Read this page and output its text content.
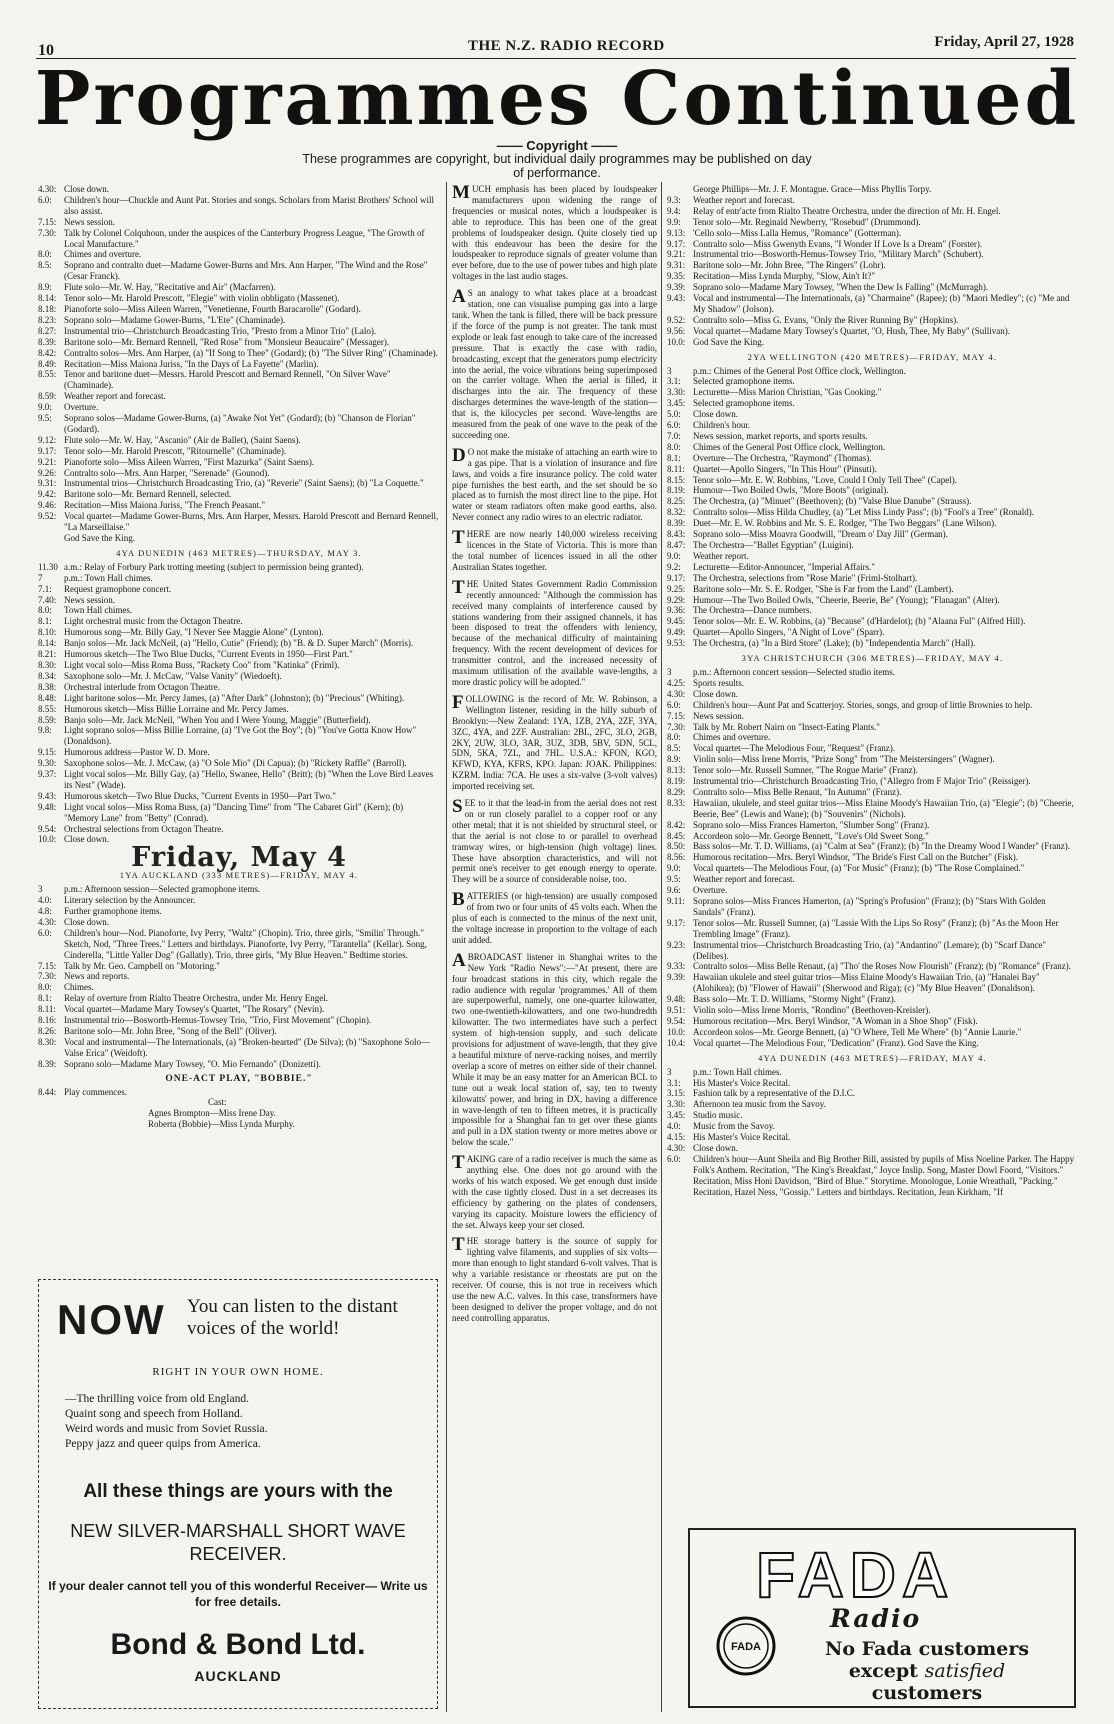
10	THE N.Z. RADIO RECORD	Friday, April 27, 1928
Programmes Continued
—— Copyright ——
These programmes are copyright, but individual daily programmes may be published on day of performance.
4.30: Close down.
6.0:	Children's hour—Chuckle and Aunt Pat. Stories and songs. Scholars from Marist Brothers' School will also assist.
7.15: News session.
7.30: Talk by Colonel Colquhoun, under the auspices of the Canterbury Progress League, "The Growth of Local Manufacture."
8.0:	Chimes and overture.
8.5:	Soprano and contralto duet—Madame Gower-Burns and Mrs. Ann Harper, "The Wind and the Rose" (Cesar Franck).
8.9:	Flute solo—Mr. W. Hay, "Recitative and Air" (Macfarren).
8.14: Tenor solo—Mr. Harold Prescott, "Elegie" with violin obbligato (Massenet).
8.18: Pianoforte solo—Miss Aileen Warren, "Venetienne, Fourth Baracarolle" (Godard).
8.23: Soprano solo—Madame Gower-Burns, "L'Ete" (Chaminade).
8.27: Instrumental trio—Christchurch Broadcasting Trio, "Presto from a Minor Trio" (Lalo).
8.39: Baritone solo—Mr. Bernard Rennell, "Red Rose" from "Monsieur Beaucaire" (Messager).
8.42: Contralto solos—Mrs. Ann Harper, (a) "If Song to Thee" (Godard); (b) "The Silver Ring" (Chaminade).
8.49: Recitation—Miss Maiona Juriss, "In the Days of La Fayette" (Marlin).
8.55: Tenor and baritone duet—Messrs. Harold Prescott and Bernard Rennell, "On Silver Wave" (Chaminade).
8.59: Weather report and forecast.
9.0:	Overture.
9.5:	Soprano solos—Madame Gower-Burns, (a) "Awake Not Yet" (Godard); (b) "Chanson de Florian" (Godard).
9.12: Flute solo—Mr. W. Hay, "Ascanio" (Air de Ballet), (Saint Saens).
9.17: Tenor solo—Mr. Harold Prescott, "Ritournelle" (Chaminade).
9.21: Pianoforte solo—Miss Aileen Warren, "First Mazurka" (Saint Saens).
9.26: Contralto solo—Mrs. Ann Harper, "Serenade" (Gounod).
9.31: Instrumental trios—Christchurch Broadcasting Trio, (a) "Reverie" (Saint Saens); (b) "La Coquette."
9.42: Baritone solo—Mr. Bernard Rennell, selected.
9.46: Recitation—Miss Maiona Juriss, "The French Peasant."
9.52: Vocal quartet—Madame Gower-Burns, Mrs. Ann Harper, Messrs. Harold Prescott and Bernard Rennell, "La Marseillaise."
God Save the King.
4YA DUNEDIN (463 METRES)—THURSDAY, MAY 3.
11.30 a.m.: Relay of Forbury Park trotting meeting (subject to permission being granted).
7	p.m.: Town Hall chimes.
7.1:	Request gramophone concert.
7.40: News session.
8.0:	Town Hall chimes.
8.1:	Light orchestral music from the Octagon Theatre.
8.10: Humorous song—Mr. Billy Gay, "I Never See Maggie Alone" (Lynton).
8.14: Banjo solos—Mr. Jack McNeil, (a) "Hello, Cutie" (Friend); (b) "B. & D. Super March" (Morris).
8.21: Humorous sketch—The Two Blue Ducks, "Current Events in 1950—First Part."
8.30: Light vocal solo—Miss Roma Buss, "Rackety Coo" from "Katinka" (Friml).
8.34: Saxophone solo—Mr. J. McCaw, "Valse Vanity" (Wiedoeft).
8.38: Orchestral interlude from Octagon Theatre.
8.48: Light baritone solos—Mr. Percy James, (a) "After Dark" (Johnston); (b) "Precious" (Whiting).
8.55: Humorous sketch—Miss Billie Lorraine and Mr. Percy James.
8.59: Banjo solo—Mr. Jack McNeil, "When You and I Were Young, Maggie" (Butterfield).
9.8:	Light soprano solos—Miss Billie Lorraine, (a) "I've Got the Boy"; (b) "You've Gotta Know How" (Donaldson).
9.15: Humorous address—Pastor W. D. More.
9.30: Saxophone solos—Mr. J. McCaw, (a) "O Sole Mio" (Di Capua); (b) "Rickety Raffle" (Barroll).
9.37: Light vocal solos—Mr. Billy Gay, (a) "Hello, Swanee, Hello" (Britt); (b) "When the Love Bird Leaves its Nest" (Wade).
9.43: Humorous sketch—Two Blue Ducks, "Current Events in 1950—Part Two."
9.48: Light vocal solos—Miss Roma Buss, (a) "Dancing Time" from "The Cabaret Girl" (Kern); (b) "Memory Lane" from "Betty" (Conrad).
9.54: Orchestral selections from Octagon Theatre.
10.0: Close down.
Friday, May 4
1YA AUCKLAND (333 METRES)—FRIDAY, MAY 4.
3	p.m.: Afternoon session—Selected gramophone items.
4.0:	Literary selection by the Announcer.
4.8:	Further gramophone items.
4.30: Close down.
6.0:	Children's hour—Nod. Pianoforte, Ivy Perry, "Waltz" (Chopin). Trio, three girls, "Smilin' Through." Sketch, Nod, "Three Trees." Letters and birthdays. Pianoforte, Ivy Perry, "Tarantella" (Kellar). Song, Cinderella, "Little Yaller Dog" (Gallatly). Trio, three girls, "My Blue Heaven." Bedtime stories.
7.15: Talk by Mr. Geo. Campbell on "Motoring."
7.30: News and reports.
8.0:	Chimes.
8.1:	Relay of overture from Rialto Theatre Orchestra, under Mr. Henry Engel.
8.11: Vocal quartet—Madame Mary Towsey's Quartet, "The Rosary" (Nevin).
8.16: Instrumental trio—Bosworth-Hemus-Towsey Trio, "Trio, First Movement" (Chopin).
8.26: Baritone solo—Mr. John Bree, "Song of the Bell" (Oliver).
8.30: Vocal and instrumental—The Internationals, (a) "Broken-hearted" (De Silva); (b) "Saxophone Solo—Valse Erica" (Weidoft).
8.39: Soprano solo—Madame Mary Towsey, "O. Mio Fernando" (Donizetti).
ONE-ACT PLAY, "BOBBIE."
8.44: Play commences.
Cast:
Agnes Brompton—Miss Irene Day.
Roberta (Bobbie)—Miss Lynda Murphy.
MUCH emphasis has been placed by loudspeaker manufacturers upon widening the range of frequencies or musical notes, which a loudspeaker is able to reproduce. This has been one of the great problems of loudspeaker design. Quite closely tied up with this endeavour has been the desire for the loudspeaker to reproduce signals of greater volume than ever before, due to the use of power tubes and high plate voltages in the last audio stages.
A S an analogy to what takes place at a broadcast station, one can visualise pumping gas into a large tank. When the tank is filled, there will be back pressure if the force of the pump is not greater. The tank must explode or leak fast enough to take care of the increased pressure. That is exactly the case with radio, broadcasting, except that the generators pump electricity into the aerial, the voice vibrations being superimposed on the carrier voltage. When the aerial is filled, it discharges into the air. The frequency of these discharges determines the wave-length of the station—that is, the kilocycles per second. Wave-lengths are measured from the peak of one wave to the peak of the succeeding one.
D O not make the mistake of attaching an earth wire to a gas pipe. That is a violation of insurance and fire laws, and voids a fire insurance policy. The cold water pipe furnishes the best earth, and the set should be so placed as to furnish the most direct line to the pipe. Hot water or steam radiators often make good earths, also. Never connect any radio wires to an electric radiator.
THERE are now nearly 140,000 wireless receiving licences in the State of Victoria. This is more than the total number of licences issued in all the other Australian States together.
THE United States Government Radio Commission recently announced: "Although the commission has received many complaints of interference caused by stations wandering from their assigned channels, it has been disposed to treat the offenders with leniency, because of the mechanical difficulty of maintaining frequency. With the recent development of devices for transmitter control, and the increased necessity of maximum utilisation of the available wave-lengths, a more drastic policy will be adopted."
FOLLOWING is the record of Mr. W. Robinson, a Wellington listener, residing in the hilly suburb of Brooklyn:—New Zealand: 1YA, 1ZB, 2YA, 2ZF, 3YA, 3ZC, 4YA, and 2ZF. Australian: 2BL, 2FC, 3LO, 2GB, 2KY, 2UW, 3LO, 3AR, 3UZ, 3DB, 5BV, 5DN, 5CL, 5DN, 5KA, 7ZL, and 7HL. U.S.A.: KFON, KGO, KFWD, KYA, KFRS, KPO. Japan: JOAK. Philippines: KZRM. India: 7CA. He uses a six-valve (3-volt valves) imported receiving set.
SEE to it that the lead-in from the aerial does not rest on or run closely parallel to a copper roof or any other metal; that it is not shielded by structural steel, or that the aerial is not close to or parallel to overhead tramway wires, or high-tension (high voltage) lines. These have absorption characteristics, and will not permit one's receiver to get enough energy to operate. They will be a source of considerable noise, too.
BATTERIES (or high-tension) are usually composed of from two or four units of 45 volts each. When the plus of each is connected to the minus of the next unit, the voltage increase in proportion to the voltage of each unit added.
A BROADCAST listener in Shanghai writes to the New York "Radio News":—"At present, there are four broadcast stations in this city, which regale the radio audience with regular 'programmes.' All of them are superpowerful, namely, one one-quarter kilowatter, two one-twentieth-kilowatters, and one two-hundredth kilowatter. The two intermediates have such a perfect system of high-tension supply, and such delicate provisions for adjustment of wave-length, that they give a beautiful mixture of nerve-racking noises, and merrily overlap a score of metres on either side of their channel. While it may be an easy matter for an American BCL to tune out a weak local station of, say, ten to twenty kilowatts' power, and bring in DX, having a difference in wave-length of ten to fifteen metres, it is practically impossible for a Shanghai fan to get over these giants and pull in a DX station twenty or more metres above or below the scale."
TAKING care of a radio receiver is much the same as anything else. One does not go around with the works of his watch exposed. We get enough dust inside with the case tightly closed. Dust in a set decreases its efficiency by gathering on the plates of condensers, varying its capacity. Moisture lowers the efficiency of the set. Always keep your set closed.
THE storage battery is the source of supply for lighting valve filaments, and supplies of six volts—more than enough to light standard 6-volt valves. That is why a variable resistance or rheostats are put on the receiver. Of course, this is not true in receivers which use the new A.C. valves. In this case, transformers have been designed to deliver the proper voltage, and do not need controlling apparatus.
George Phillips—Mr. J. F. Montague. Grace—Miss Phyllis Torpy.
9.3:	Weather report and forecast.
9.4:	Relay of entr'acte from Rialto Theatre Orchestra, under the direction of Mr. H. Engel.
9.9:	Tenor solo—Mr. Reginald Newberry, "Rosebud" (Drummond).
9.13: 'Cello solo—Miss Lalla Hemus, "Romance" (Gotterman).
9.17: Contralto solo—Miss Gwenyth Evans, "I Wonder If Love Is a Dream" (Forster).
9.21: Instrumental trio—Bosworth-Hemus-Towsey Trio, "Military March" (Schubert).
9.31: Baritone solo—Mr. John Bree, "The Ringers" (Lohr).
9.35: Recitation—Miss Lynda Murphy, "Slow, Ain't It?"
9.39: Soprano solo—Madame Mary Towsey, "When the Dew Is Falling" (McMurragh).
9.43: Vocal and instrumental—The Internationals, (a) "Charmaine" (Rapee); (b) "Maori Medley"; (c) "Me and My Shadow" (Jolson).
9.52: Contralto solo—Miss G. Evans, "Only the River Running By" (Hopkins).
9.56: Vocal quartet—Madame Mary Towsey's Quartet, "O, Hush, Thee, My Baby" (Sullivan).
10.0: God Save the King.
2YA WELLINGTON (420 METRES)—FRIDAY, MAY 4.
3	p.m.: Chimes of the General Post Office clock, Wellington.
3.1:	Selected gramophone items.
3.30: Lecturette—Miss Marion Christian, "Gas Cooking."
3.45: Selected gramophone items.
5.0:	Close down.
6.0:	Children's hour.
7.0:	News session, market reports, and sports results.
8.0:	Chimes of the General Post Office clock, Wellington.
8.1:	Overture—The Orchestra, "Raymond" (Thomas).
8.11: Quartet—Apollo Singers, "In This Hour" (Pinsuti).
8.15: Tenor solo—Mr. E. W. Robbins, "Love, Could I Only Tell Thee" (Capel).
8.19: Humour—Two Boiled Owls, "More Boots" (original).
8.25: The Orchestra, (a) "Minuet" (Beethoven); (b) "Valse Blue Danube" (Strauss).
8.32: Contralto solos—Miss Hilda Chudley, (a) "Let Miss Lindy Pass"; (b) "Fool's a Tree" (Ronald).
8.39: Duet—Mr. E. W. Robbins and Mr. S. E. Rodger, "The Two Beggars" (Lane Wilson).
8.43: Soprano solo—Miss Moavra Goodwill, "Dream o' Day Jill" (German).
8.47: The Orchestra—"Ballet Egyptian" (Luigini).
9.0:	Weather report.
9.2:	Lecturette—Editor-Announcer, "Imperial Affairs."
9.17: The Orchestra, selections from "Rose Marie" (Friml-Stolhart).
9.25: Baritone solo—Mr. S. E. Rodger, "She is Far from the Land" (Lambert).
9.29: Humour—The Two Boiled Owls, "Cheerie, Beerie, Be" (Young); "Flanagan" (Alter).
9.36: The Orchestra—Dance numbers.
9.45: Tenor solos—Mr. E. W. Robbins, (a) "Because" (d'Hardelot); (b) "Alaana Ful" (Alfred Hill).
9.49: Quartet—Apollo Singers, "A Night of Love" (Sparr).
9.53: The Orchestra, (a) "In a Bird Store" (Lake); (b) "Independentia March" (Hall).
3YA CHRISTCHURCH (306 METRES)—FRIDAY, MAY 4.
3	p.m.: Afternoon concert session—Selected studio items.
4.25: Sports results.
4.30: Close down.
6.0:	Children's hour—Aunt Pat and Scatterjoy. Stories, songs, and group of little Brownies to help.
7.15: News session.
7.30: Talk by Mr. Robert Nairn on "Insect-Eating Plants."
8.0:	Chimes and overture.
8.5:	Vocal quartet—The Melodious Four, "Request" (Franz).
8.9:	Violin solo—Miss Irene Morris, "Prize Song" from "The Meistersingers" (Wagner).
8.13: Tenor solo—Mr. Russell Sumner, "The Rogue Marie" (Franz).
8.19: Instrumental trio—Christchurch Broadcasting Trio, ("Allegro from F Major Trio" (Reissiger).
8.29: Contralto solo—Miss Belle Renaut, "In Autumn" (Franz).
8.33: Hawaiian, ukulele, and steel guitar trios—Miss Elaine Moody's Hawaiian Trio, (a) "Elegie"; (b) "Cheerie, Beerie, Bee" (Lewis and Wane); (b) "Souvenirs" (Nichols).
8.42: Soprano solo—Miss Frances Hamerton, "Slumber Song" (Franz).
8.45: Accordeon solo—Mr. George Bennett, "Love's Old Sweet Song."
8.50: Bass solos—Mr. T. D. Williams, (a) "Calm at Sea" (Franz); (b) "In the Dreamy Wood I Wander" (Franz).
8.56: Humorous recitation—Mrs. Beryl Windsor, "The Bride's First Call on the Butcher" (Fisk).
9.0:	Vocal quartets—The Melodious Four, (a) "For Music" (Franz); (b) "The Rose Complained."
9.5:	Weather report and forecast.
9.6:	Overture.
9.11: Soprano solos—Miss Frances Hamerton, (a) "Spring's Profusion" (Franz); (b) "Stars With Golden Sandals" (Franz).
9.17: Tenor solos—Mr. Russell Sumner, (a) "Lassie With the Lips So Rosy" (Franz); (b) "As the Moon Her Trembling Image" (Franz).
9.23: Instrumental trios—Christchurch Broadcasting Trio, (a) "Andantino" (Lemare); (b) "Scarf Dance" (Delibes).
9.33: Contralto solos—Miss Belle Renaut, (a) "Tho' the Roses Now Flourish" (Franz); (b) "Romance" (Franz).
9.39: Hawaiian ukulele and steel guitar trios—Miss Elaine Moody's Hawaiian Trio, (a) "Hanalei Bay" (Alohikea); (b) "Flower of Hawaii" (Sherwood and Riga); (c) "My Blue Heaven" (Donaldson).
9.48: Bass solo—Mr. T. D. Williams, "Stormy Night" (Franz).
9.51: Violin solo—Miss Irene Morris, "Rondino" (Beethoven-Kreisler).
9.54: Humorous recitation—Mrs. Beryl Windsor, "A Woman in a Shoe Shop" (Fisk).
10.0: Accordeon solos—Mr. George Bennett, (a) "O Where, Tell Me Where" (b) "Annie Laurie."
10.4: Vocal quartet—The Melodious Four, "Dedication" (Franz). God Save the King.
4YA DUNEDIN (463 METRES)—FRIDAY, MAY 4.
3	p.m.: Town Hall chimes.
3.1:	His Master's Voice Recital.
3.15: Fashion talk by a representative of the D.I.C.
3.30: Afternoon tea music from the Savoy.
3.45: Studio music.
4.0:	Music from the Savoy.
4.15: His Master's Voice Recital.
4.30: Close down.
6.0:	Children's hour—Aunt Sheila and Big Brother Bill, assisted by pupils of Miss Noeline Parker. The Happy Folk's Anthem. Recitation, "The King's Breakfast," Joyce Inslip. Song, Master Dowl Foord, "Visitors." Recitation, Miss Honi Davidson, "Bird of Blue." Storytime. Monologue, Lonie Wreathall, "Packing." Recitation, Hazel Ness, "Gossip." Letters and birthdays. Recitation, Jean Kirkham, "If
NOW You can listen to the distant voices of the world!
RIGHT IN YOUR OWN HOME.
—The thrilling voice from old England.
Quaint song and speech from Holland.
Weird words and music from Soviet Russia.
Peppy jazz and queer quips from America.
All these things are yours with the
NEW SILVER-MARSHALL SHORT WAVE RECEIVER.
If your dealer cannot tell you of this wonderful Receiver— Write us for free details.
Bond & Bond Ltd.
AUCKLAND
FADA
Radio
FADA	No Fada customers
except satisfied
customers
